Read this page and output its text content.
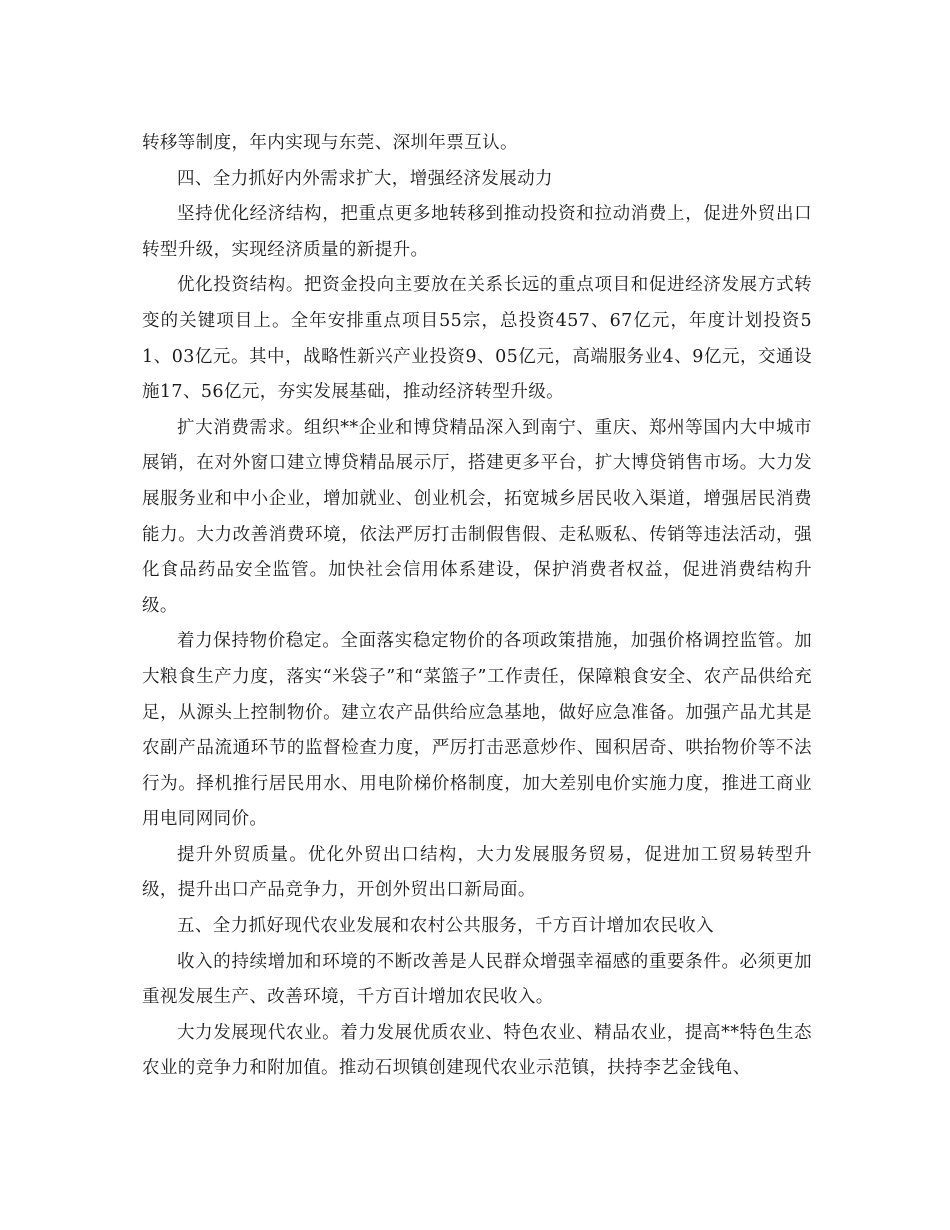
转移等制度，年内实现与东莞、深圳年票互认。

四、全力抓好内外需求扩大，增强经济发展动力

坚持优化经济结构，把重点更多地转移到推动投资和拉动消费上，促进外贸出口转型升级，实现经济质量的新提升。

优化投资结构。把资金投向主要放在关系长远的重点项目和促进经济发展方式转变的关键项目上。全年安排重点项目55宗，总投资457、67亿元，年度计划投资51、03亿元。其中，战略性新兴产业投资9、05亿元，高端服务业4、9亿元，交通设施17、56亿元，夯实发展基础，推动经济转型升级。

扩大消费需求。组织**企业和博贷精品深入到南宁、重庆、郑州等国内大中城市展销，在对外窗口建立博贷精品展示厅，搭建更多平台，扩大博贷销售市场。大力发展服务业和中小企业，增加就业、创业机会，拓宽城乡居民收入渠道，增强居民消费能力。大力改善消费环境，依法严厉打击制假售假、走私贩私、传销等违法活动，强化食品药品安全监管。加快社会信用体系建设，保护消费者权益，促进消费结构升级。

着力保持物价稳定。全面落实稳定物价的各项政策措施，加强价格调控监管。加大粮食生产力度，落实“米袋子”和“菜篮子”工作责任，保障粮食安全、农产品供给充足，从源头上控制物价。建立农产品供给应急基地，做好应急准备。加强产品尤其是农副产品流通环节的监督检查力度，严厉打击恶意炒作、囤积居奇、哄抬物价等不法行为。择机推行居民用水、用电阶梯价格制度，加大差别电价实施力度，推进工商业用电同网同价。

提升外贸质量。优化外贸出口结构，大力发展服务贸易，促进加工贸易转型升级，提升出口产品竞争力，开创外贸出口新局面。

五、全力抓好现代农业发展和农村公共服务，千方百计增加农民收入

收入的持续增加和环境的不断改善是人民群众增强幸福感的重要条件。必须更加重视发展生产、改善环境，千方百计增加农民收入。

大力发展现代农业。着力发展优质农业、特色农业、精品农业，提高**特色生态农业的竞争力和附加值。推动石坝镇创建现代农业示范镇，扶持李艺金钱龟、
